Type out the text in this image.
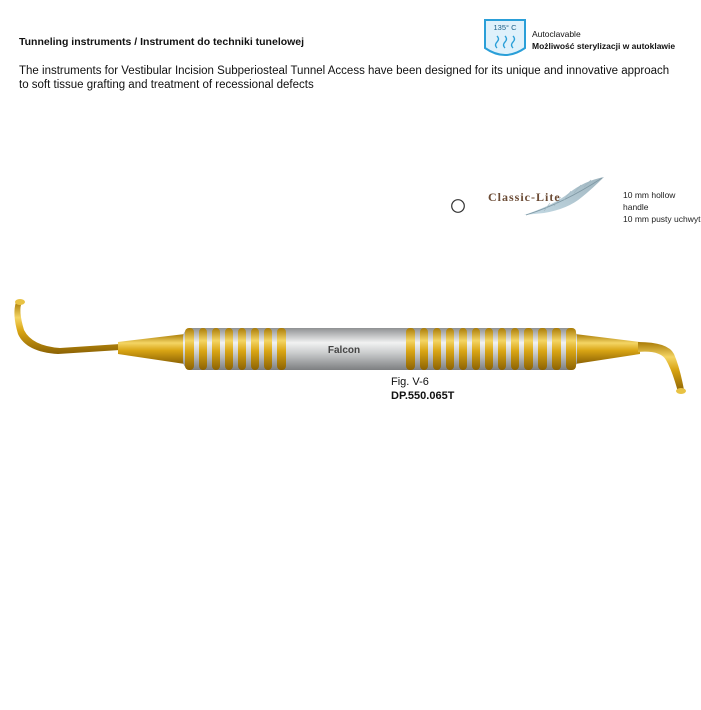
Tunneling instruments / Instrument do techniki tunelowej
135° C
Autoclavable
Możliwość sterylizacji w autoklawie
The instruments for Vestibular Incision Subperiosteal Tunnel Access have been designed for its unique and innovative approach to soft tissue grafting and treatment of recessional defects
Classic-Lite	10 mm hollow handle
10 mm pusty uchwyt
Falcon
Fig. V-6
DP.550.065T
